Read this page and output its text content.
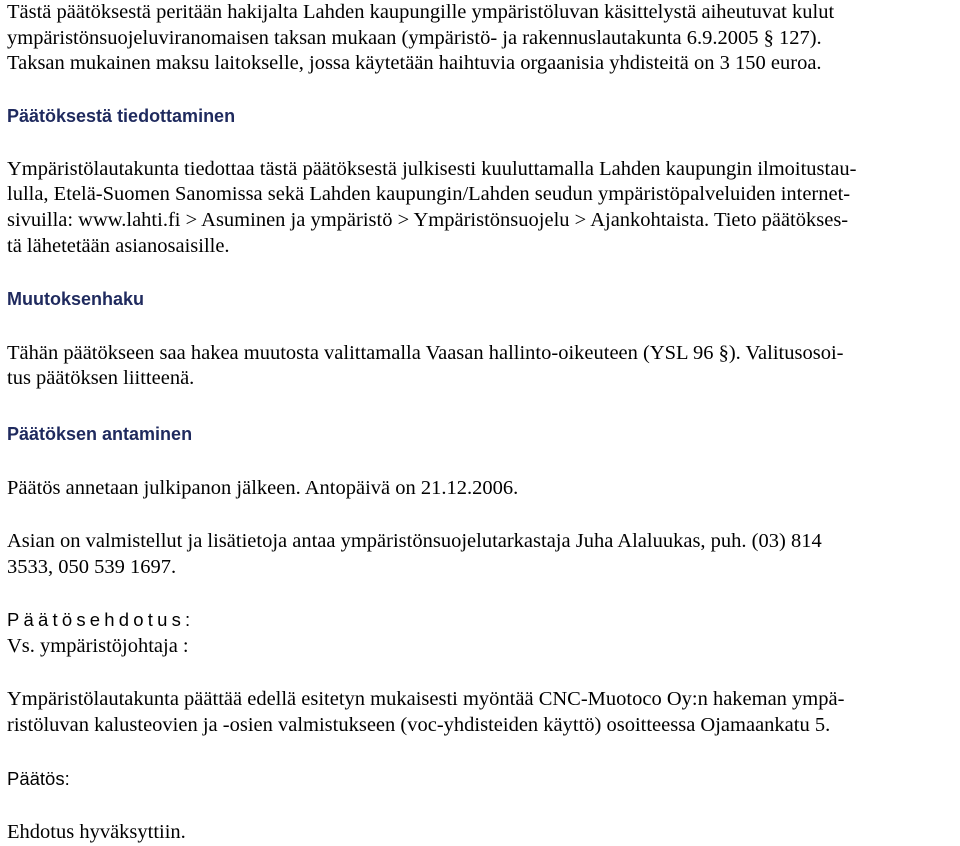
Tästä päätöksestä peritään hakijalta Lahden kaupungille ympäristöluvan käsittelystä aiheutuvat kulut
ympäristönsuojeluviranomaisen taksan mukaan (ympäristö- ja rakennuslautakunta 6.9.2005 § 127).
Taksan mukainen maksu laitokselle, jossa käytetään haihtuvia orgaanisia yhdisteitä on 3 150 euroa.
Päätöksestä tiedottaminen
Ympäristölautakunta tiedottaa tästä päätöksestä julkisesti kuuluttamalla Lahden kaupungin ilmoitustau-
lulla, Etelä-Suomen Sanomissa sekä Lahden kaupungin/Lahden seudun ympäristöpalveluiden internet-
sivuilla: www.lahti.fi > Asuminen ja ympäristö > Ympäristönsuojelu > Ajankohtaista. Tieto päätökses-
tä lähetetään asianosaisille.
Muutoksenhaku
Tähän päätökseen saa hakea muutosta valittamalla Vaasan hallinto-oikeuteen (YSL 96 §). Valitusosoi-
tus päätöksen liitteenä.
Päätöksen antaminen
Päätös annetaan julkipanon jälkeen. Antopäivä on 21.12.2006.
Asian on valmistellut ja lisätietoja antaa ympäristönsuojelutarkastaja Juha Alaluukas, puh. (03) 814
3533, 050 539 1697.
Päätösehdotus:
Vs. ympäristöjohtaja :
Ympäristölautakunta päättää edellä esitetyn mukaisesti myöntää CNC-Muotoco Oy:n hakeman ympä-
ristöluvan kalusteovien ja -osien valmistukseen (voc-yhdisteiden käyttö) osoitteessa Ojamaankatu 5.
Päätös:
Ehdotus hyväksyttiin.
